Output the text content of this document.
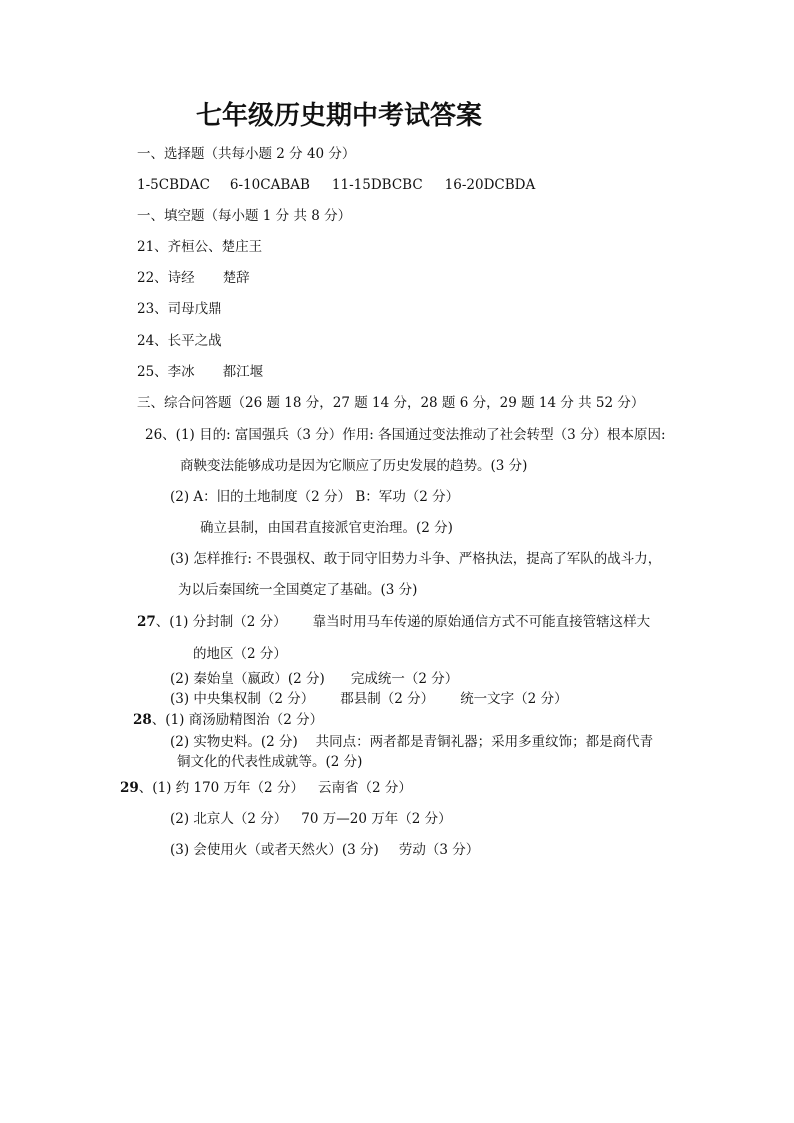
七年级历史期中考试答案
一、选择题（共每小题 2 分 40 分）
1-5CBDAC 6-10CABAB 11-15DBCBC 16-20DCBDA
一、填空题（每小题 1 分 共 8 分）
21、齐桓公、楚庄王
22、诗经 楚辞
23、司母戊鼎
24、长平之战
25、李冰 都江堰
三、综合问答题（26 题 18 分，27 题 14 分，28 题 6 分，29 题 14 分 共 52 分）
26、(1) 目的: 富国强兵（3 分）作用: 各国通过变法推动了社会转型（3 分）根本原因:
商鞅变法能够成功是因为它顺应了历史发展的趋势。(3 分)
(2) A：旧的土地制度（2 分） B：军功（2 分）
确立县制，由国君直接派官吏治理。(2 分)
(3) 怎样推行: 不畏强权、敢于同守旧势力斗争、严格执法，提高了军队的战斗力，
为以后秦国统一全国奠定了基础。(3 分)
27、(1) 分封制（2 分） 靠当时用马车传递的原始通信方式不可能直接管辖这样大
的地区（2 分）
(2) 秦始皇（嬴政）(2 分) 完成统一（2 分）
(3) 中央集权制（2 分） 郡县制（2 分） 统一文字（2 分）
28、(1) 商汤励精图治（2 分）
(2) 实物史料。(2 分)　 共同点：两者都是青铜礼器；采用多重纹饰；都是商代青
铜文化的代表性成就等。(2 分)
29、(1) 约 170 万年（2 分） 云南省（2 分）
(2) 北京人（2 分） 70 万—20 万年（2 分）
(3) 会使用火（或者天然火）(3 分) 劳动（3 分）
